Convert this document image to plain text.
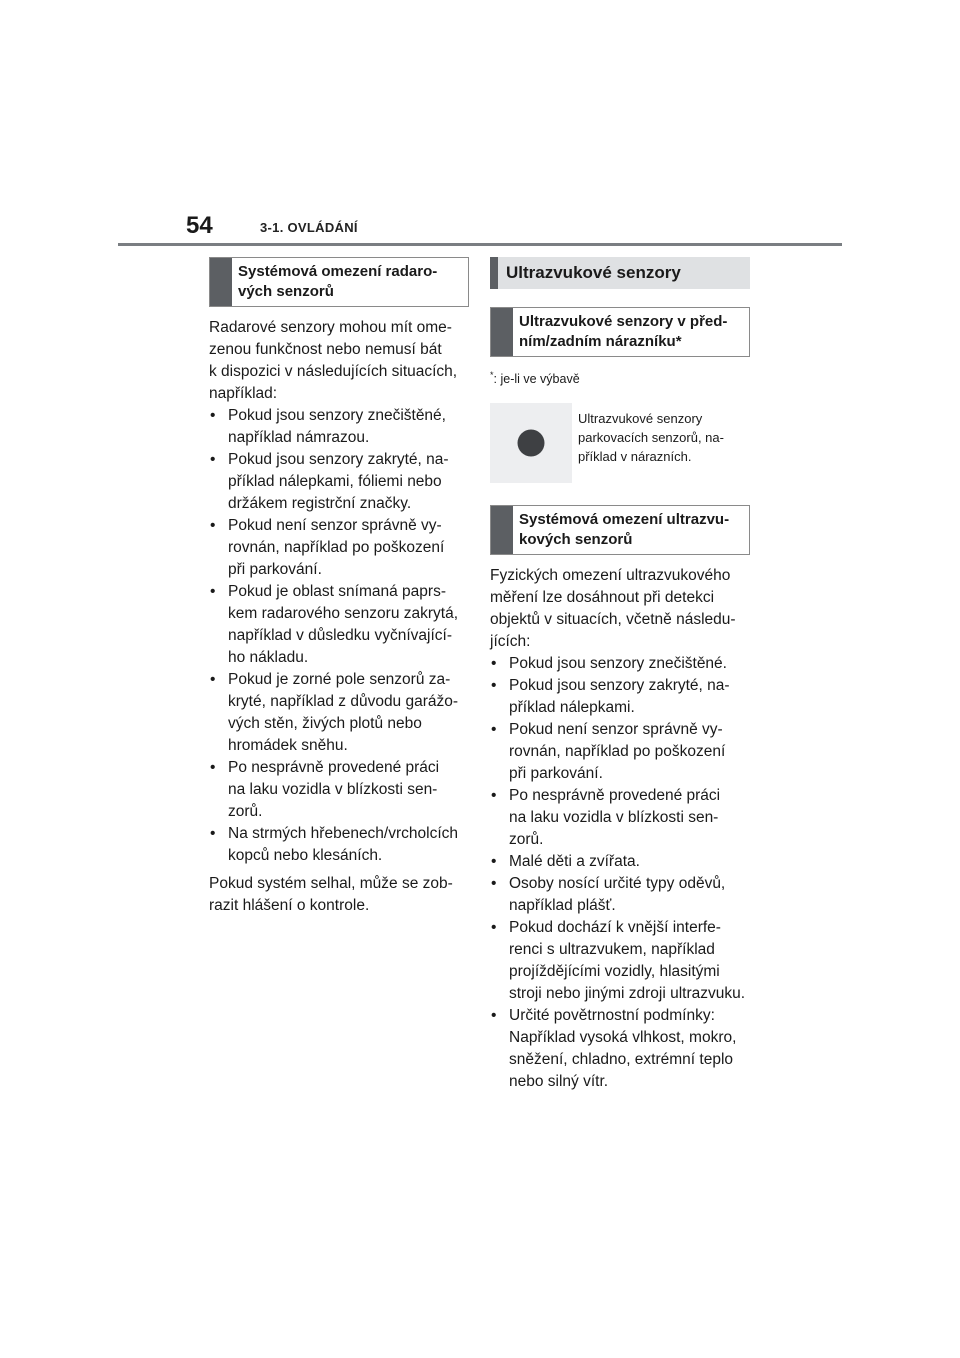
54	3-1. OVLÁDÁNÍ
Systémová omezení radaro-vých senzorů

Radarové senzory mohou mít ome-

zenou funkčnost nebo nemusí bát

k dispozici v následujících situacích,

například:

• Pokud jsou senzory znečištěné,
například námrazou.
• Pokud jsou senzory zakryté, na-
příklad nálepkami, fóliemi nebo
držákem registrční značky.
• Pokud není senzor správně vy-
rovnán, například po poškození
při parkování.
• Pokud je oblast snímaná paprs-
kem radarového senzoru zakrytá,
například v důsledku vyčnívající-
ho nákladu.
• Pokud je zorné pole senzorů za-
kryté, například z důvodu garážo-
vých stěn, živých plotů nebo
hromádek sněhu.
• Po nesprávně provedené práci
na laku vozidla v blízkosti sen-
zorů.
• Na strmých hřebenech/vrcholcích
kopců nebo klesáních.

Pokud systém selhal, může se zob-

razit hlášení o kontrole.

Ultrazvukové senzory
Ultrazvukové senzory v před-ním/zadním nárazníku*
*: je-li ve výbavě
Ultrazvukové senzory parkovacích senzorů, na-příklad v nárazních.
Systémová omezení ultrazvu-kových senzorů

Fyzických omezení ultrazvukového

měření lze dosáhnout při detekci

objektů v situacích, včetně následu-

jících:

• Pokud jsou senzory znečištěné.
• Pokud jsou senzory zakryté, na-
příklad nálepkami.
• Pokud není senzor správně vy-
rovnán, například po poškození
při parkování.
• Po nesprávně provedené práci
na laku vozidla v blízkosti sen-
zorů.
• Malé děti a zvířata.
• Osoby nosící určité typy oděvů,
například plášť.
• Pokud dochází k vnější interfe-
renci s ultrazvukem, například
projíždějícími vozidly, hlasitými
stroji nebo jinými zdroji ultrazvuku.
• Určité povětrnostní podmínky:
Například vysoká vlhkost, mokro,
sněžení, chladno, extrémní teplo
nebo silný vítr.
